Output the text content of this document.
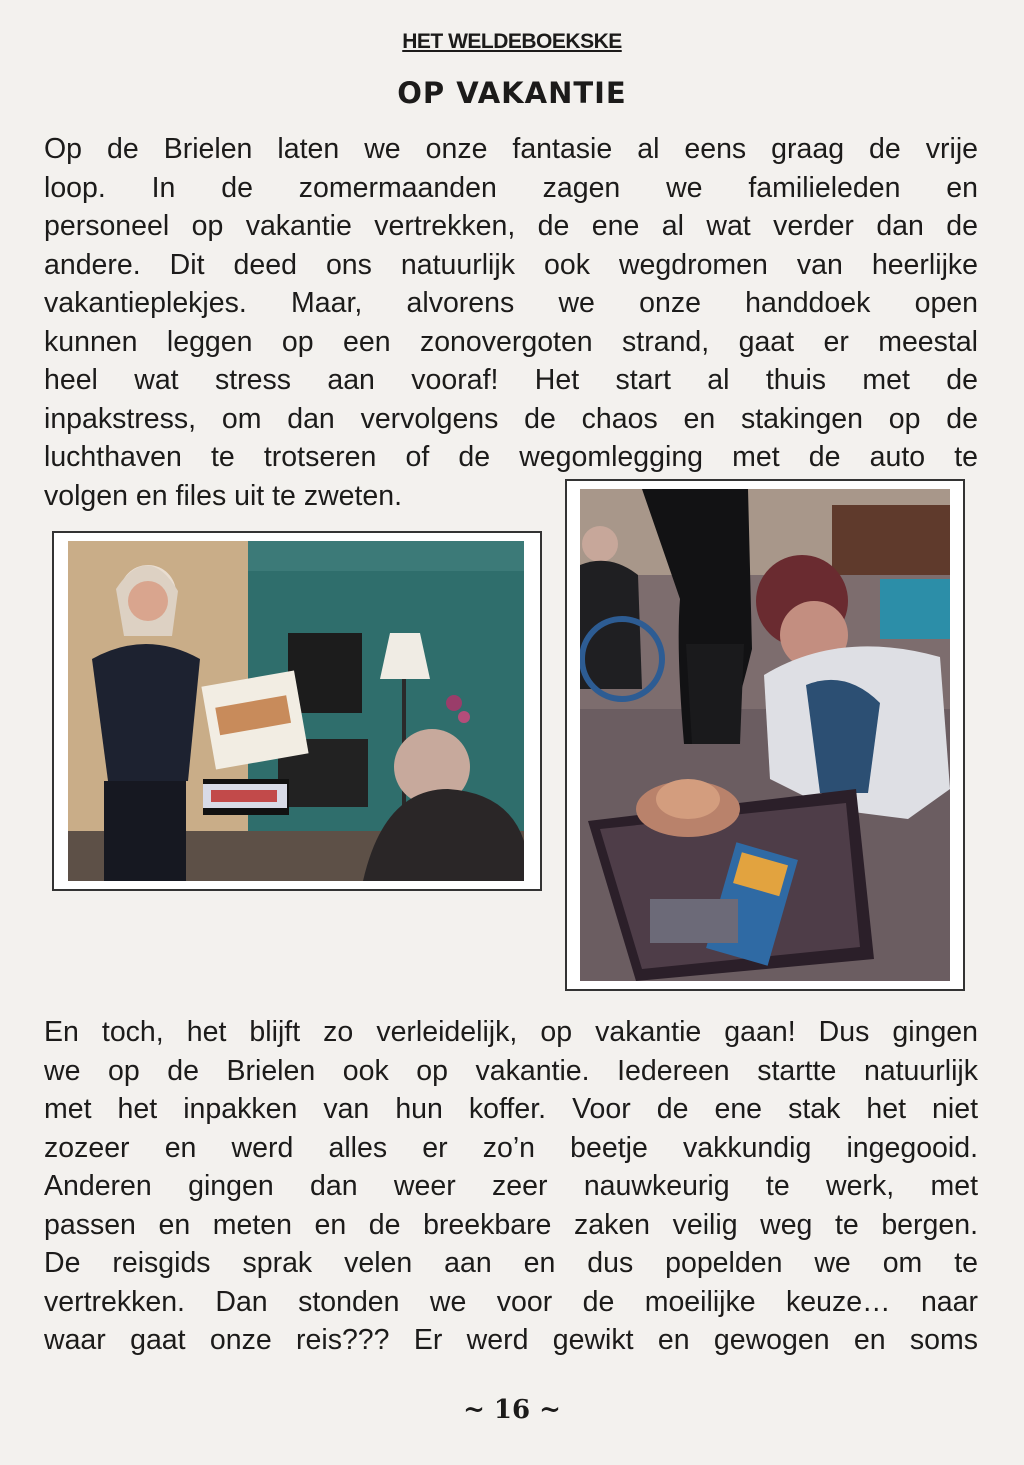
HET WELDEBOEKSKE
OP VAKANTIE

Op de Brielen laten we onze fantasie al eens graag de vrije
loop. In de zomermaanden zagen we familieleden en
personeel op vakantie vertrekken, de ene al wat verder dan de
andere. Dit deed ons natuurlijk ook wegdromen van heerlijke
vakantieplekjes. Maar, alvorens we onze handdoek open
kunnen leggen op een zonovergoten strand, gaat er meestal
heel wat stress aan vooraf! Het start al thuis met de
inpakstress, om dan vervolgens de chaos en stakingen op de
luchthaven te trotseren of de wegomlegging met de auto te
volgen en files uit te zweten.

En toch, het blijft zo verleidelijk, op vakantie gaan! Dus gingen
we op de Brielen ook op vakantie. Iedereen startte natuurlijk
met het inpakken van hun koffer. Voor de ene stak het niet
zozeer en werd alles er zo’n beetje vakkundig ingegooid.
Anderen gingen dan weer zeer nauwkeurig te werk, met
passen en meten en de breekbare zaken veilig weg te bergen.
De reisgids sprak velen aan en dus popelden we om te
vertrekken. Dan stonden we voor de moeilijke keuze… naar
waar gaat onze reis??? Er werd gewikt en gewogen en soms

~ 16 ~
